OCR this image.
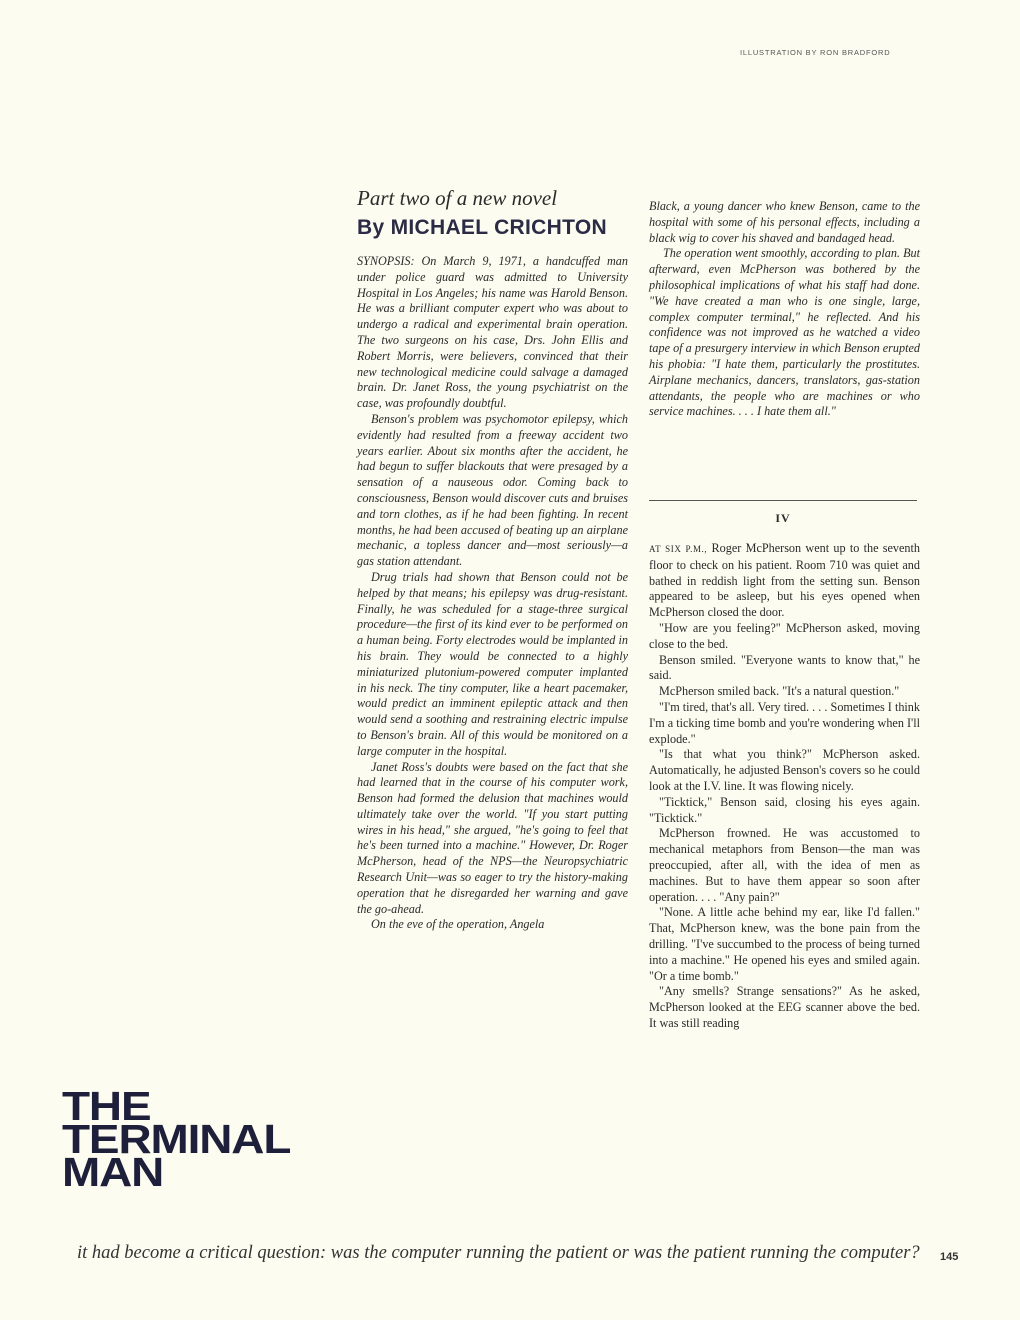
ILLUSTRATION BY RON BRADFORD
Part two of a new novel
By MICHAEL CRICHTON

SYNOPSIS: On March 9, 1971, a handcuffed man under police guard was admitted to University Hospital in Los Angeles; his name was Harold Benson. He was a brilliant computer expert who was about to undergo a radical and experimental brain operation. The two surgeons on his case, Drs. John Ellis and Robert Morris, were believers, convinced that their new technological medicine could salvage a damaged brain. Dr. Janet Ross, the young psychiatrist on the case, was profoundly doubtful.

Benson's problem was psychomotor epilepsy, which evidently had resulted from a freeway accident two years earlier. About six months after the accident, he had begun to suffer blackouts that were presaged by a sensation of a nauseous odor. Coming back to consciousness, Benson would discover cuts and bruises and torn clothes, as if he had been fighting. In recent months, he had been accused of beating up an airplane mechanic, a topless dancer and—most seriously—a gas station attendant.

Drug trials had shown that Benson could not be helped by that means; his epilepsy was drug-resistant. Finally, he was scheduled for a stage-three surgical procedure—the first of its kind ever to be performed on a human being. Forty electrodes would be implanted in his brain. They would be connected to a highly miniaturized plutonium-powered computer implanted in his neck. The tiny computer, like a heart pacemaker, would predict an imminent epileptic attack and then would send a soothing and restraining electric impulse to Benson's brain. All of this would be monitored on a large computer in the hospital.

Janet Ross's doubts were based on the fact that she had learned that in the course of his computer work, Benson had formed the delusion that machines would ultimately take over the world. "If you start putting wires in his head," she argued, "he's going to feel that he's been turned into a machine." However, Dr. Roger McPherson, head of the NPS—the Neuropsychiatric Research Unit—was so eager to try the history-making operation that he disregarded her warning and gave the go-ahead.

On the eve of the operation, Angela

Black, a young dancer who knew Benson, came to the hospital with some of his personal effects, including a black wig to cover his shaved and bandaged head.

The operation went smoothly, according to plan. But afterward, even McPherson was bothered by the philosophical implications of what his staff had done. "We have created a man who is one single, large, complex computer terminal," he reflected. And his confidence was not improved as he watched a video tape of a presurgery interview in which Benson erupted his phobia: "I hate them, particularly the prostitutes. Airplane mechanics, dancers, translators, gas-station attendants, the people who are machines or who service machines. . . . I hate them all."

IV

AT SIX P.M., Roger McPherson went up to the seventh floor to check on his patient. Room 710 was quiet and bathed in reddish light from the setting sun. Benson appeared to be asleep, but his eyes opened when McPherson closed the door.

"How are you feeling?" McPherson asked, moving close to the bed.

Benson smiled. "Everyone wants to know that," he said.

McPherson smiled back. "It's a natural question."

"I'm tired, that's all. Very tired. . . . Sometimes I think I'm a ticking time bomb and you're wondering when I'll explode."

"Is that what you think?" McPherson asked. Automatically, he adjusted Benson's covers so he could look at the I.V. line. It was flowing nicely.

"Ticktick," Benson said, closing his eyes again. "Ticktick."

McPherson frowned. He was accustomed to mechanical metaphors from Benson—the man was preoccupied, after all, with the idea of men as machines. But to have them appear so soon after operation. . . . "Any pain?"

"None. A little ache behind my ear, like I'd fallen." That, McPherson knew, was the bone pain from the drilling. "I've succumbed to the process of being turned into a machine." He opened his eyes and smiled again. "Or a time bomb."

"Any smells? Strange sensations?" As he asked, McPherson looked at the EEG scanner above the bed. It was still reading

THE
TERMINAL
MAN
it had become a critical question: was the computer running the patient or was the patient running the computer? 145
